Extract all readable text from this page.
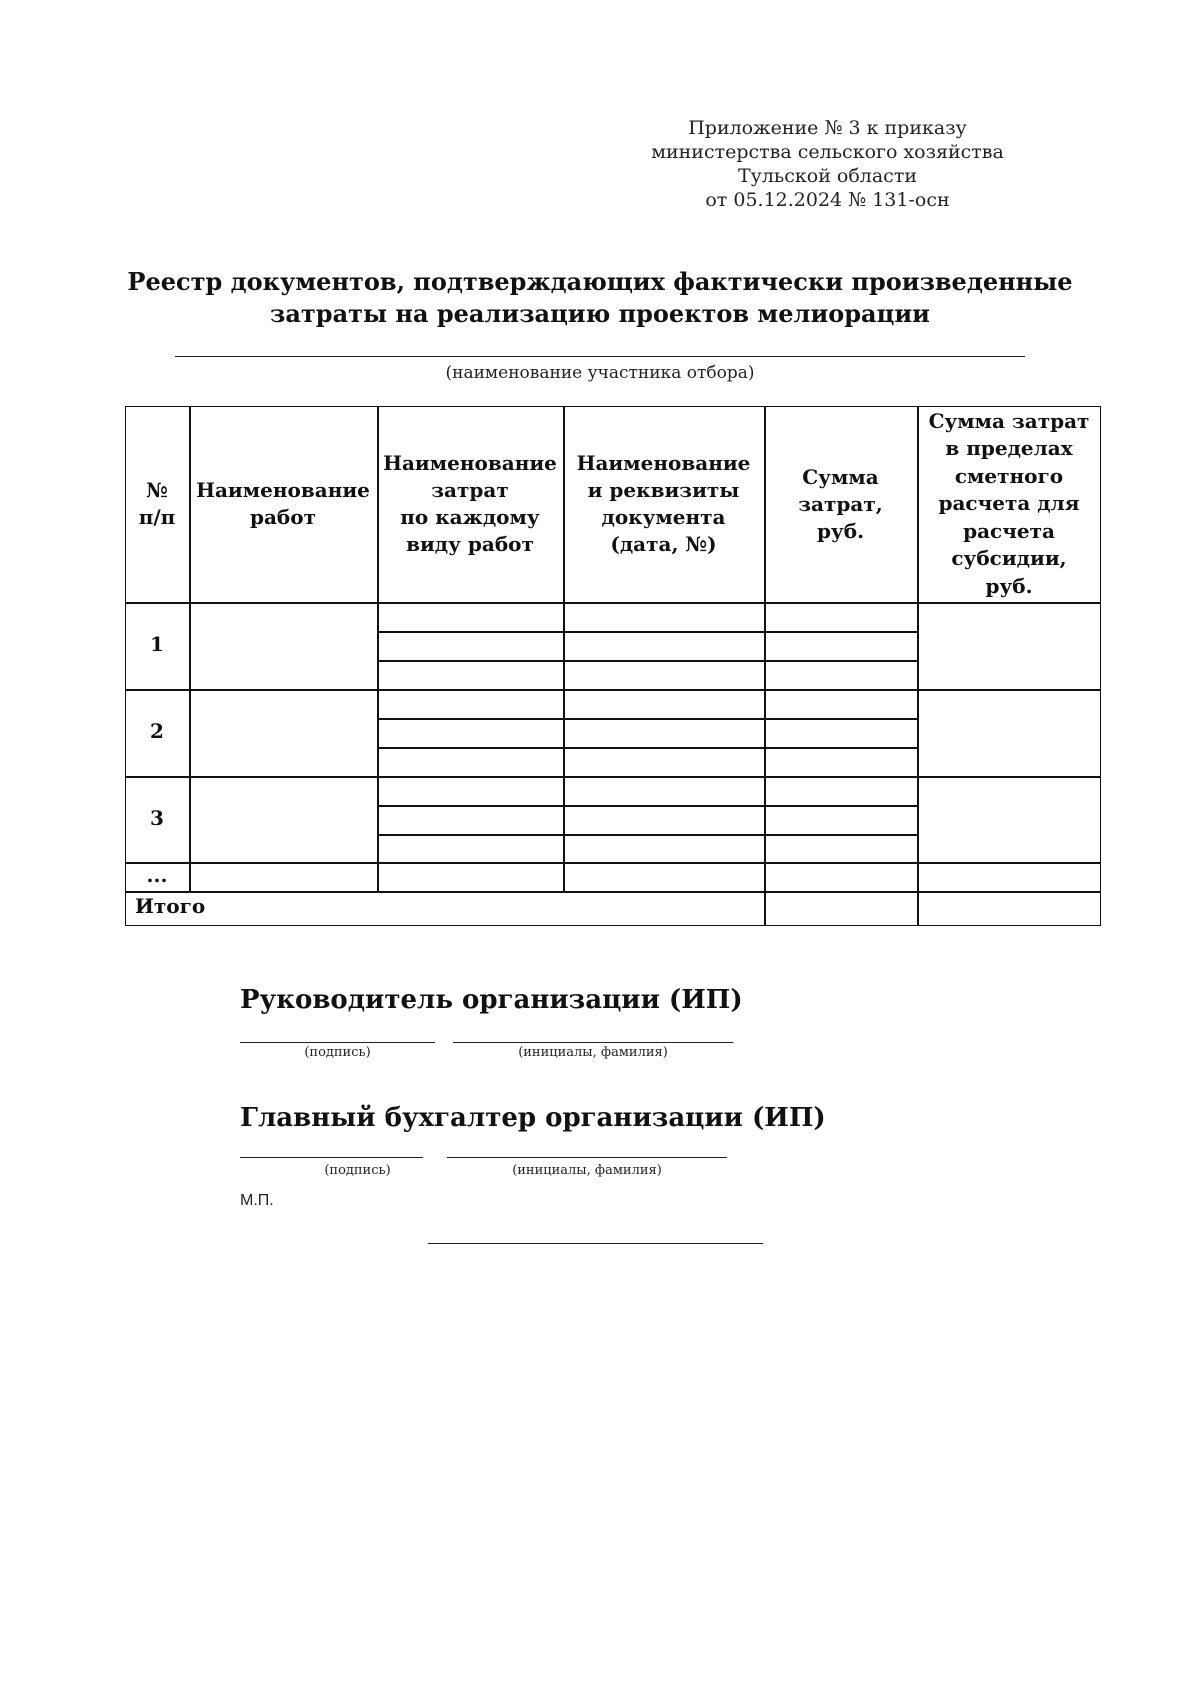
Приложение № 3 к приказу
министерства сельского хозяйства
Тульской области
от 05.12.2024 № 131-осн
Реестр документов, подтверждающих фактически произведенные
затраты на реализацию проектов мелиорации
(наименование участника отбора)
№
п/п
Наименование
работ
Наименование
затрат
по каждому
виду работ
Наименование
и реквизиты
документа
(дата, №)
Сумма
затрат,
руб.
Сумма затрат
в пределах
сметного
расчета для
расчета
субсидии,
руб.
1
2
3
...
Итого
Руководитель организации (ИП)
(подпись)	(инициалы, фамилия)
Главный бухгалтер организации (ИП)
(подпись)	(инициалы, фамилия)
М.П.
